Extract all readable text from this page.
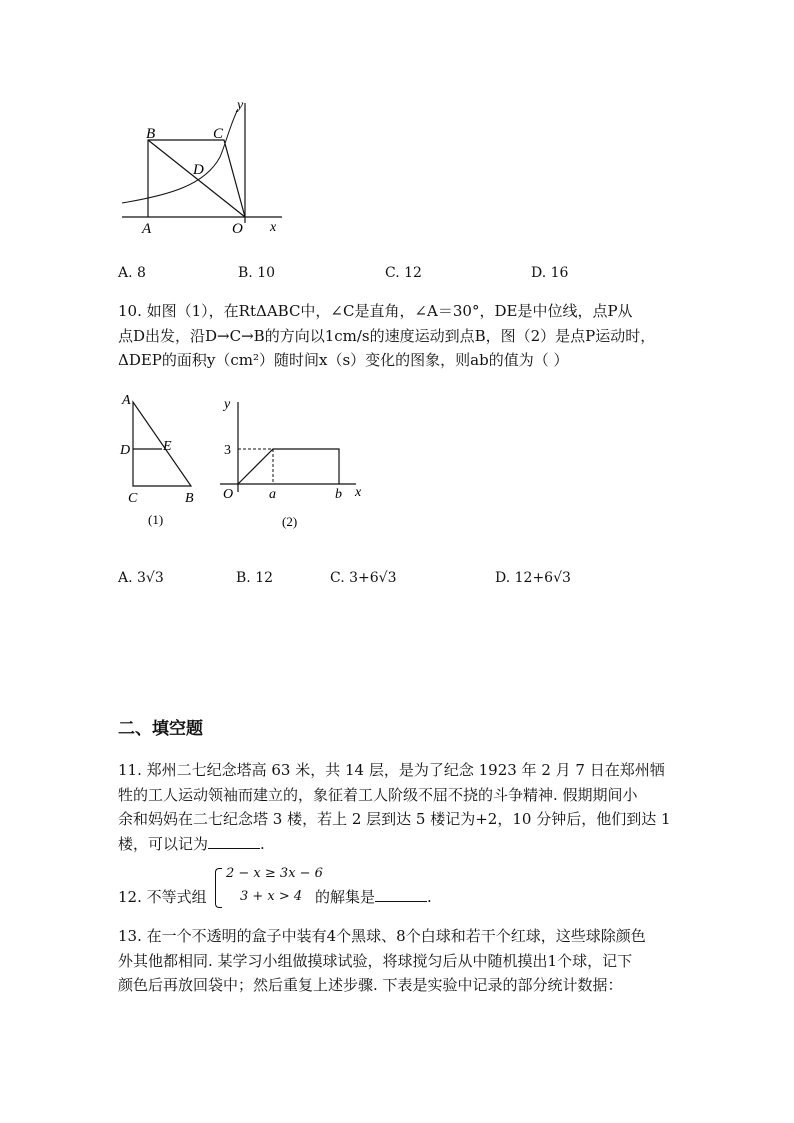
y
B	C
D
A	O x
A. 8	B. 10	C. 12	D. 16
10. 如图（1），在RtΔABC中，∠C是直角，∠A＝30°，DE是中位线，点P从
点D出发，沿D→C→B的方向以1cm/s的速度运动到点B，图（2）是点P运动时，
ΔDEP的面积y（cm²）随时间x（s）变化的图象，则ab的值为（ ）
A
D E
C	B
(1)
y
3
O	a	b x
(2)
A. 3√3	B. 12	C. 3+6√3	D. 12+6√3
二、填空题
11. 郑州二七纪念塔高 63 米，共 14 层，是为了纪念 1923 年 2 月 7 日在郑州牺
牲的工人运动领袖而建立的，象征着工人阶级不屈不挠的斗争精神. 假期期间小
余和妈妈在二七纪念塔 3 楼，若上 2 层到达 5 楼记为+2，10 分钟后，他们到达 1
楼，可以记为	.
12. 不等式组
2 − x ≥ 3x − 6
3 + x > 4 的解集是	.
13. 在一个不透明的盒子中装有4个黑球、8个白球和若干个红球，这些球除颜色
外其他都相同. 某学习小组做摸球试验，将球搅匀后从中随机摸出1个球，记下
颜色后再放回袋中；然后重复上述步骤. 下表是实验中记录的部分统计数据：
